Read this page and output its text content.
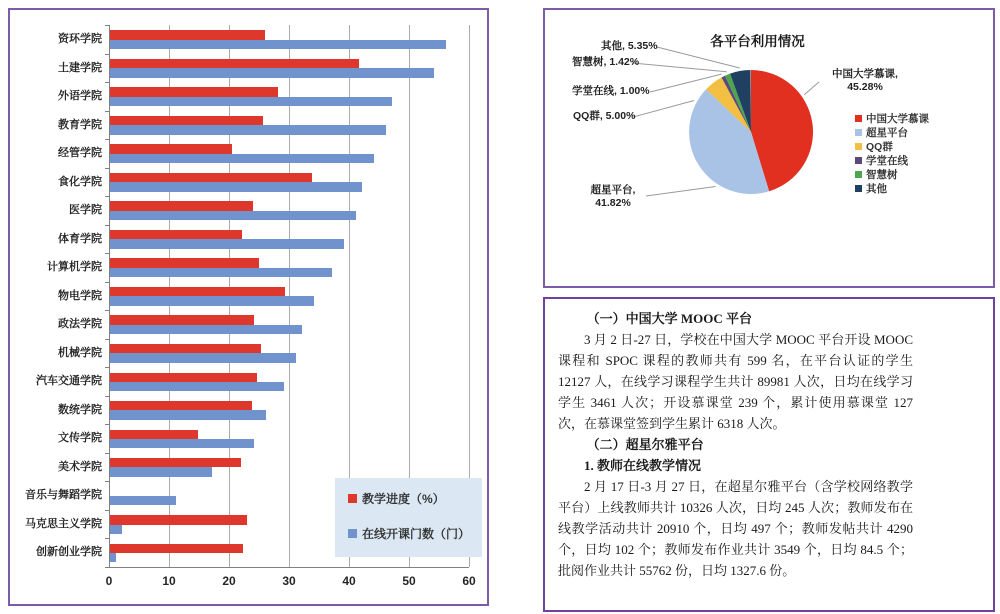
0	10	20	30	40	50	60
资环学院
土建学院
外语学院
教育学院
经管学院
食化学院
医学院
体育学院
计算机学院
物电学院
政法学院
机械学院
汽车交通学院
数统学院
文传学院
美术学院
音乐与舞蹈学院
马克思主义学院
创新创业学院
教学进度（%）
在线开课门数（门）
各平台利用情况
中国大学慕课
超星平台
QQ群
学堂在线
智慧树
其他
中国大学慕课,
45.28%
超星平台,
41.82%
QQ群, 5.00%
学堂在线, 1.00%
智慧树, 1.42%
其他, 5.35%
（一）中国大学 MOOC 平台
3 月 2 日-27 日，学校在中国大学 MOOC 平台开设 MOOC 课程和 SPOC 课程的教师共有 599 名，在平台认证的学生 12127 人，在线学习课程学生共计 89981 人次，日均在线学习学生 3461 人次；开设慕课堂 239 个，累计使用慕课堂 127 次，在慕课堂签到学生累计 6318 人次。
（二）超星尔雅平台
1. 教师在线教学情况
2 月 17 日-3 月 27 日，在超星尔雅平台（含学校网络教学平台）上线教师共计 10326 人次，日均 245 人次；教师发布在线教学活动共计 20910 个，日均 497 个；教师发帖共计 4290 个，日均 102 个；教师发布作业共计 3549 个，日均 84.5 个；批阅作业共计 55762 份，日均 1327.6 份。
